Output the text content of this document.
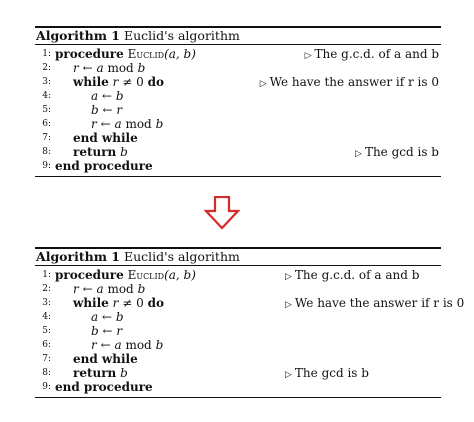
Algorithm 1 Euclid's algorithm
1: procedure Euclid(a, b)	▷ The g.c.d. of a and b
2: r ← a mod b
3: while r ≠ 0 do	▷ We have the answer if r is 0
4:	a ← b
5:	b ← r
6:	r ← a mod b
7: end while
8: return b	▷ The gcd is b
9: end procedure
Algorithm 1 Euclid's algorithm
1: procedure Euclid(a, b)	▷ The g.c.d. of a and b
2: r ← a mod b
3: while r ≠ 0 do	▷ We have the answer if r is 0
4:	a ← b
5:	b ← r
6:	r ← a mod b
7: end while
8: return b	▷ The gcd is b
9: end procedure
